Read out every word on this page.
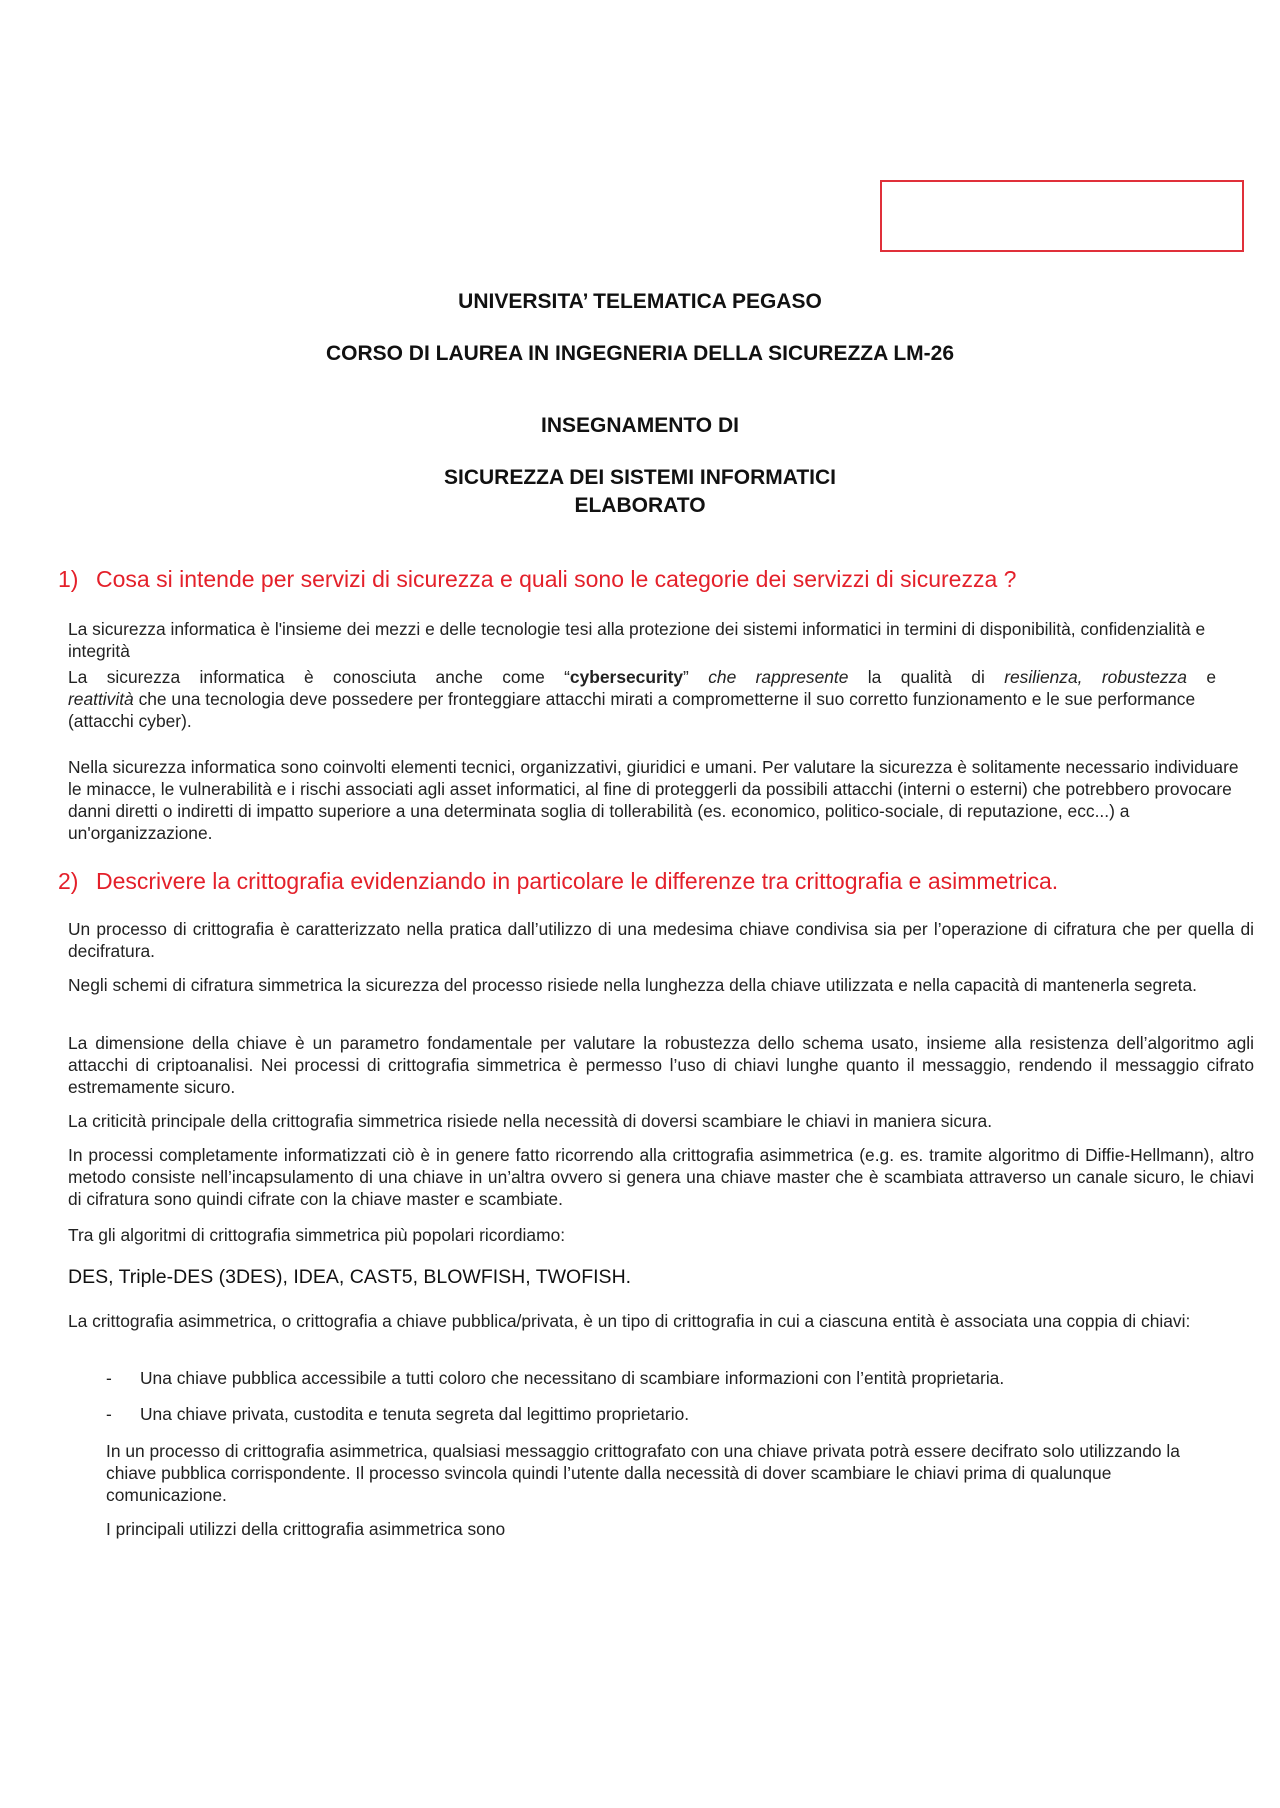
UNIVERSITA’ TELEMATICA PEGASO
CORSO DI LAUREA IN INGEGNERIA DELLA SICUREZZA LM-26
INSEGNAMENTO DI
SICUREZZA DEI SISTEMI INFORMATICI
ELABORATO
1) Cosa si intende per servizi di sicurezza e quali sono le categorie dei servizzi di sicurezza ?

La sicurezza informatica è l'insieme dei mezzi e delle tecnologie tesi alla protezione dei sistemi informatici in termini di disponibilità, confidenzialità e integrità

La sicurezza informatica è conosciuta anche come “cybersecurity” che rappresente la qualità di resilienza, robustezza e

reattività che una tecnologia deve possedere per fronteggiare attacchi mirati a comprometterne il suo corretto funzionamento e le sue performance (attacchi cyber).

Nella sicurezza informatica sono coinvolti elementi tecnici, organizzativi, giuridici e umani. Per valutare la sicurezza è solitamente necessario individuare le minacce, le vulnerabilità e i rischi associati agli asset informatici, al fine di proteggerli da possibili attacchi (interni o esterni) che potrebbero provocare danni diretti o indiretti di impatto superiore a una determinata soglia di tollerabilità (es. economico, politico-sociale, di reputazione, ecc...) a un'organizzazione.

2) Descrivere la crittografia evidenziando in particolare le differenze tra crittografia e asimmetrica.

Un processo di crittografia è caratterizzato nella pratica dall’utilizzo di una medesima chiave condivisa sia per l’operazione di cifratura che per quella di decifratura.

Negli schemi di cifratura simmetrica la sicurezza del processo risiede nella lunghezza della chiave utilizzata e nella capacità di mantenerla segreta.

La dimensione della chiave è un parametro fondamentale per valutare la robustezza dello schema usato, insieme alla resistenza dell’algoritmo agli attacchi di criptoanalisi. Nei processi di crittografia simmetrica è permesso l’uso di chiavi lunghe quanto il messaggio, rendendo il messaggio cifrato estremamente sicuro.

La criticità principale della crittografia simmetrica risiede nella necessità di doversi scambiare le chiavi in maniera sicura.

In processi completamente informatizzati ciò è in genere fatto ricorrendo alla crittografia asimmetrica (e.g. es. tramite algoritmo di Diffie-Hellmann), altro metodo consiste nell’incapsulamento di una chiave in un’altra ovvero si genera una chiave master che è scambiata attraverso un canale sicuro, le chiavi di cifratura sono quindi cifrate con la chiave master e scambiate.

Tra gli algoritmi di crittografia simmetrica più popolari ricordiamo:

DES, Triple-DES (3DES), IDEA, CAST5, BLOWFISH, TWOFISH.

La crittografia asimmetrica, o crittografia a chiave pubblica/privata, è un tipo di crittografia in cui a ciascuna entità è associata una coppia di chiavi:

- Una chiave pubblica accessibile a tutti coloro che necessitano di scambiare informazioni con l’entità proprietaria.
- Una chiave privata, custodita e tenuta segreta dal legittimo proprietario.

In un processo di crittografia asimmetrica, qualsiasi messaggio crittografato con una chiave privata potrà essere decifrato solo utilizzando la chiave pubblica corrispondente. Il processo svincola quindi l’utente dalla necessità di dover scambiare le chiavi prima di qualunque comunicazione.

I principali utilizzi della crittografia asimmetrica sono
